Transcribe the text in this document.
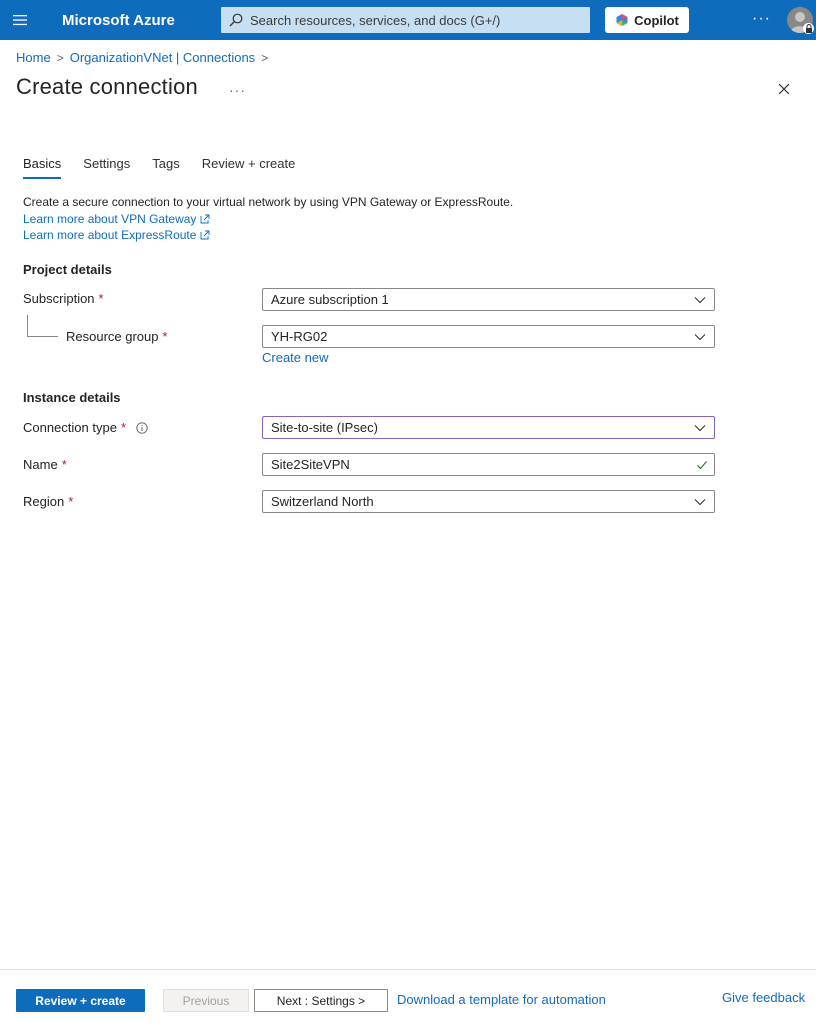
Microsoft Azure
Search resources, services, and docs (G+/)	Copilot	···
Home > OrganizationVNet | Connections >
Create connection ···
Basics Settings Tags Review + create
Create a secure connection to your virtual network by using VPN Gateway or ExpressRoute.
Learn more about VPN Gateway

Learn more about ExpressRoute
Project details
Subscription *	Azure subscription 1
Resource group *	YH-RG02
Create new
Instance details
Connection type *	Site-to-site (IPsec)
Name *	Site2SiteVPN
Region *	Switzerland North
Review + create	Previous	Next : Settings >	Download a template for automation	Give feedback
